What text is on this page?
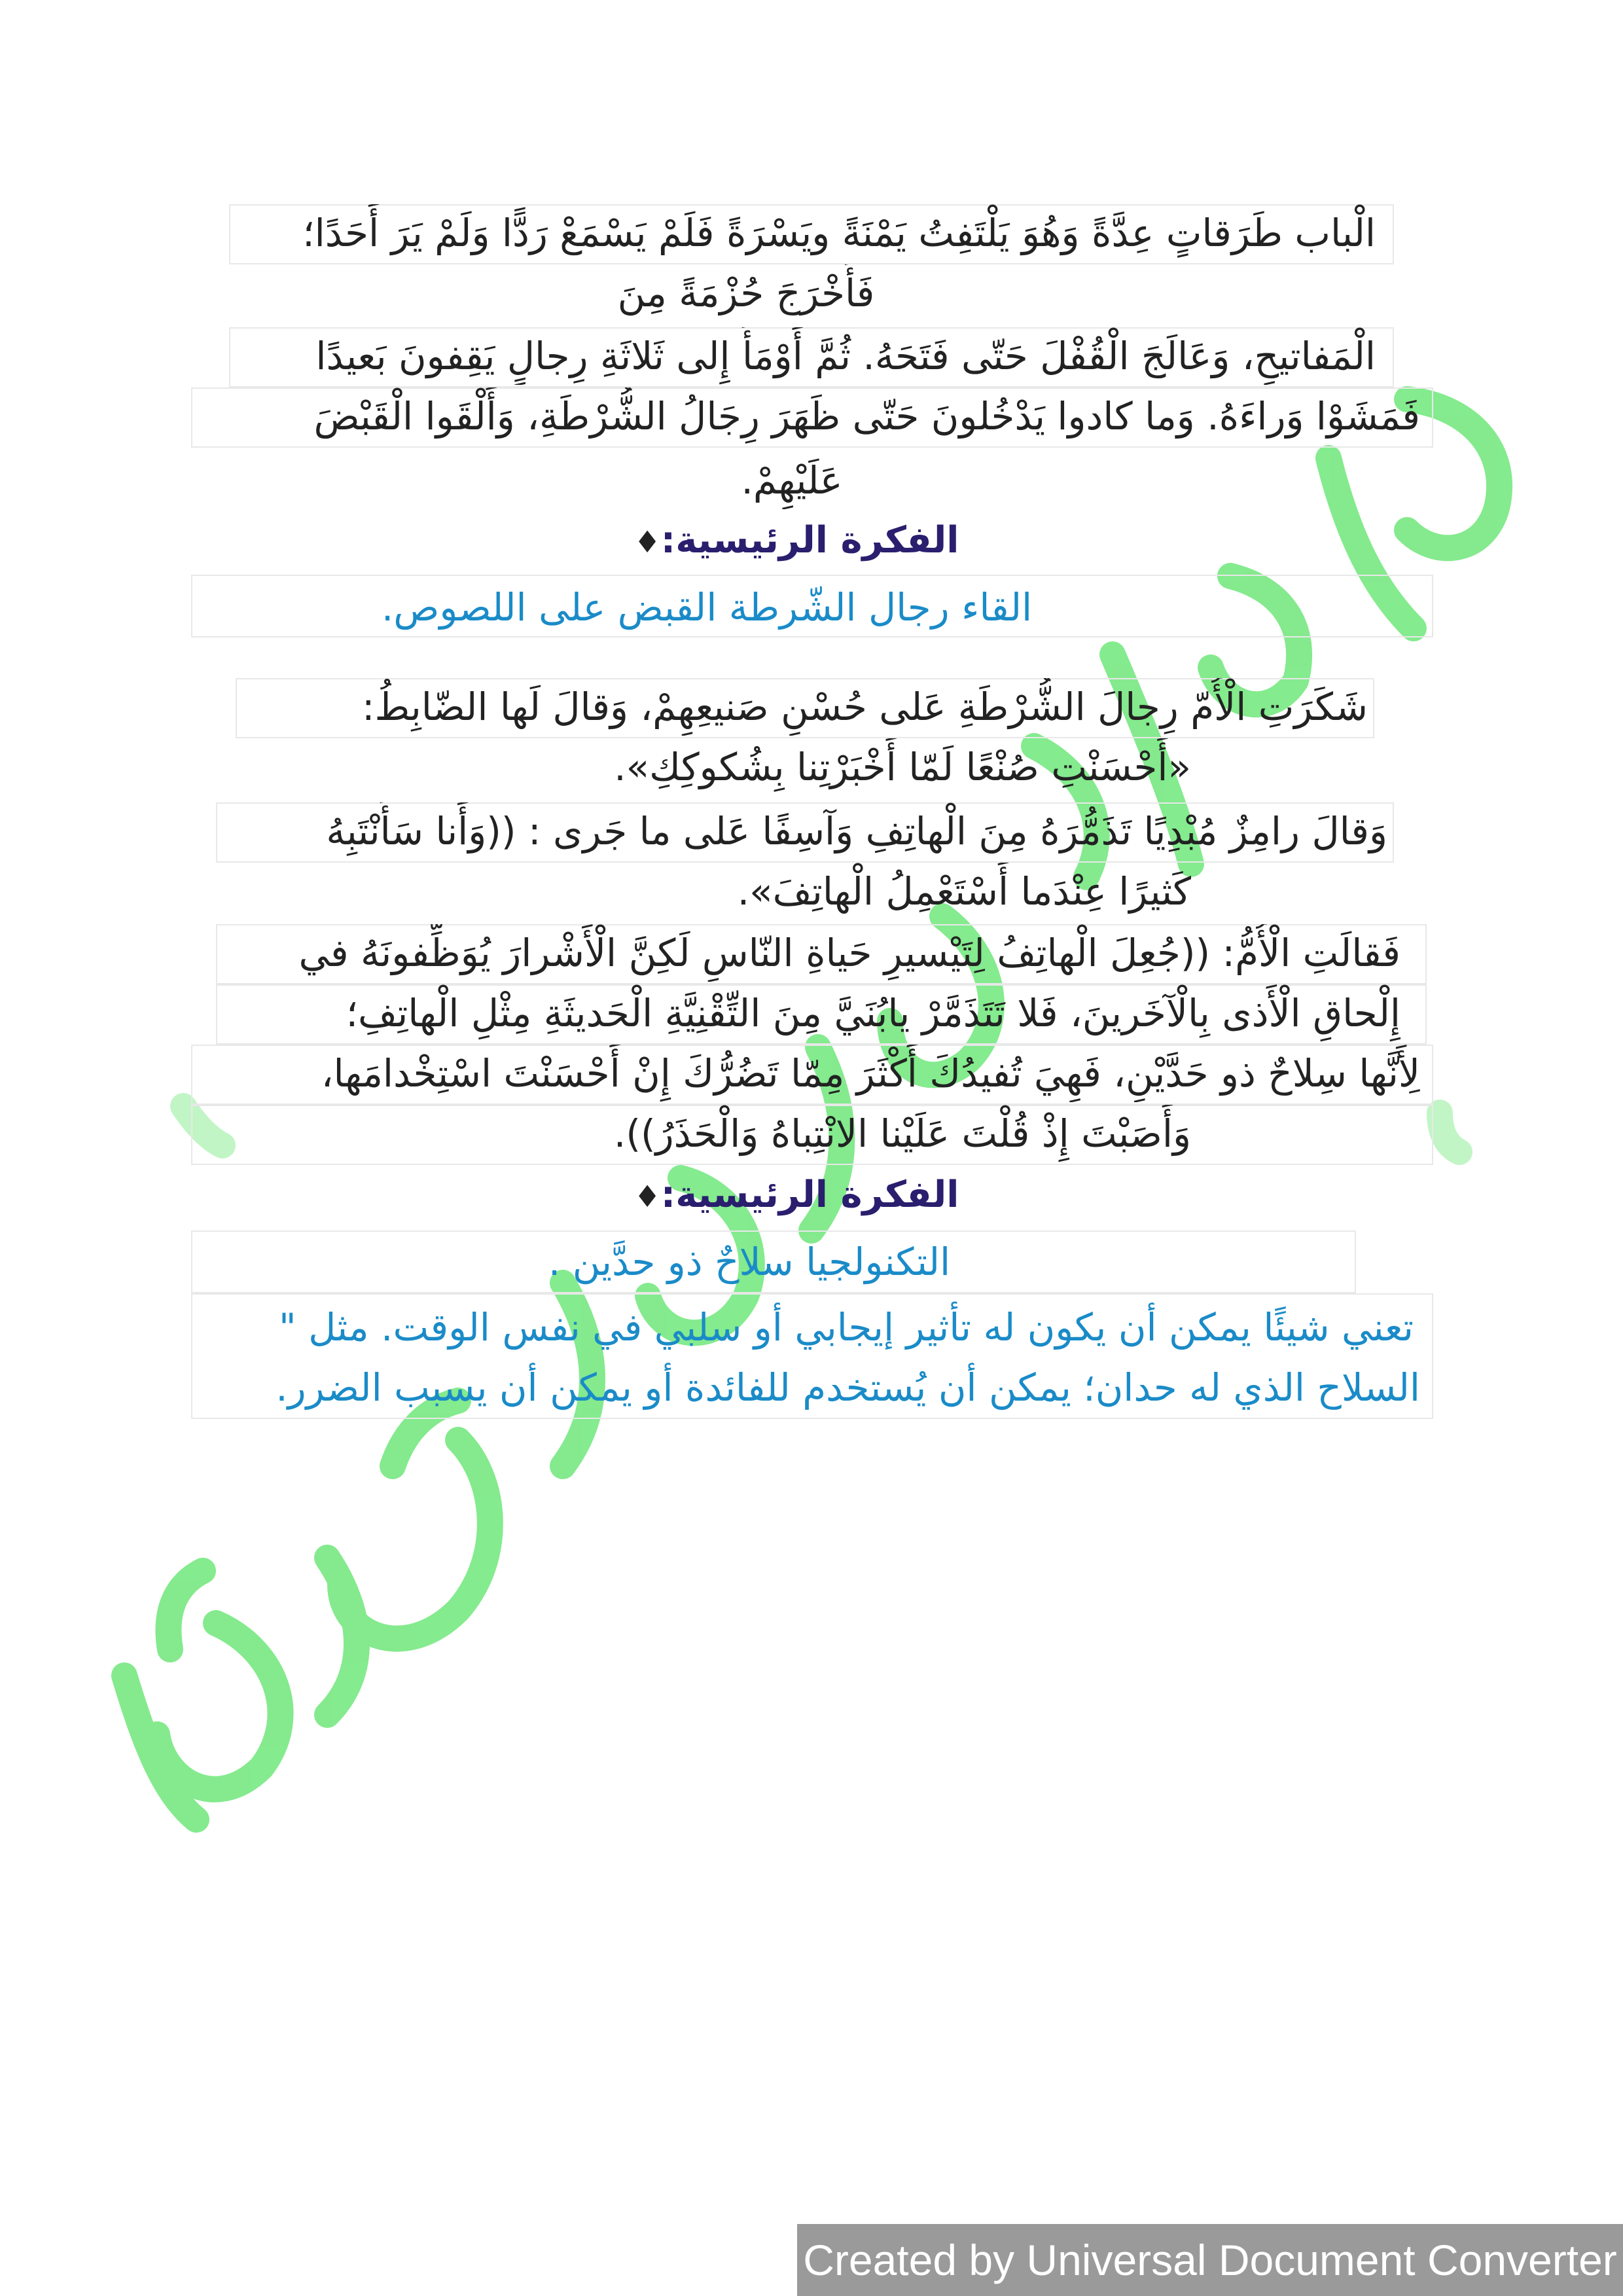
الْباب طَرَقاتٍ عِدَّةً وَهُوَ يَلْتَفِتُ يَمْنَةً ويَسْرَةً فَلَمْ يَسْمَعْ رَدًّا وَلَمْ يَرَ أَحَدًا؛
فَأَخْرَجَ حُزْمَةً مِنَ
الْمَفاتيحِ، وَعَالَجَ الْقُفْلَ حَتّى فَتَحَهُ. ثُمَّ أَوْمَأَ إِلى ثَلاثَةِ رِجالٍ يَقِفونَ بَعيدًا
فَمَشَوْا وَراءَهُ. وَما كادوا يَدْخُلونَ حَتّى ظَهَرَ رِجَالُ الشُّرْطَةِ، وَأَلْقَوا الْقَبْضَ
عَلَيْهِمْ.
الفكرة الرئيسية:♦
القاء رجال الشّرطة القبض على اللصوص.
شَكَرَتِ الْأُمّ رِجالَ الشُّرْطَةِ عَلى حُسْنِ صَنيعِهِمْ، وَقالَ لَها الضّابِطُ:
«أَحْسَنْتِ صُنْعًا لَمّا أَخْبَرْتِنا بِشُكوكِكِ».
وَقالَ رامِزٌ مُبْدِيًا تَذَمُّرَهُ مِنَ الْهاتِفِ وَآسِفًا عَلى ما جَرى : ((وَأَنا سَأَنْتَبِهُ
كَثيرًا عِنْدَما أَسْتَعْمِلُ الْهاتِفَ».
فَقالَتِ الْأُمُّ: ((جُعِلَ الْهاتِفُ لِتَيْسيرِ حَياةِ النّاسِ لَكِنَّ الْأَشْرارَ يُوَظِّفونَهُ في
إِلْحاقِ الْأَذى بِالْآخَرينَ، فَلا تَتَذَمَّرْ يابُنَيَّ مِنَ التِّقْنِيَّةِ الْحَديثَةِ مِثْلِ الْهاتِفِ؛
لِأَنَّها سِلاحٌ ذو حَدَّيْنِ، فَهِيَ تُفيدُكَ أَكْثَرَ مِمّا تَضُرُّكَ إِنْ أَحْسَنْتَ اسْتِخْدامَها،
وَأَصَبْتَ إِذْ قُلْتَ عَلَيْنا الانْتِباهُ وَالْحَذَرُ)).
الفكرة الرئيسية:♦
التكنولجيا سلاحٌ ذو حدَّين .
تعني شيئًا يمكن أن يكون له تأثير إيجابي أو سلبي في نفس الوقت. مثل "
السلاح الذي له حدان؛ يمكن أن يُستخدم للفائدة أو يمكن أن يسبب الضرر.
Created by Universal Document Converter
